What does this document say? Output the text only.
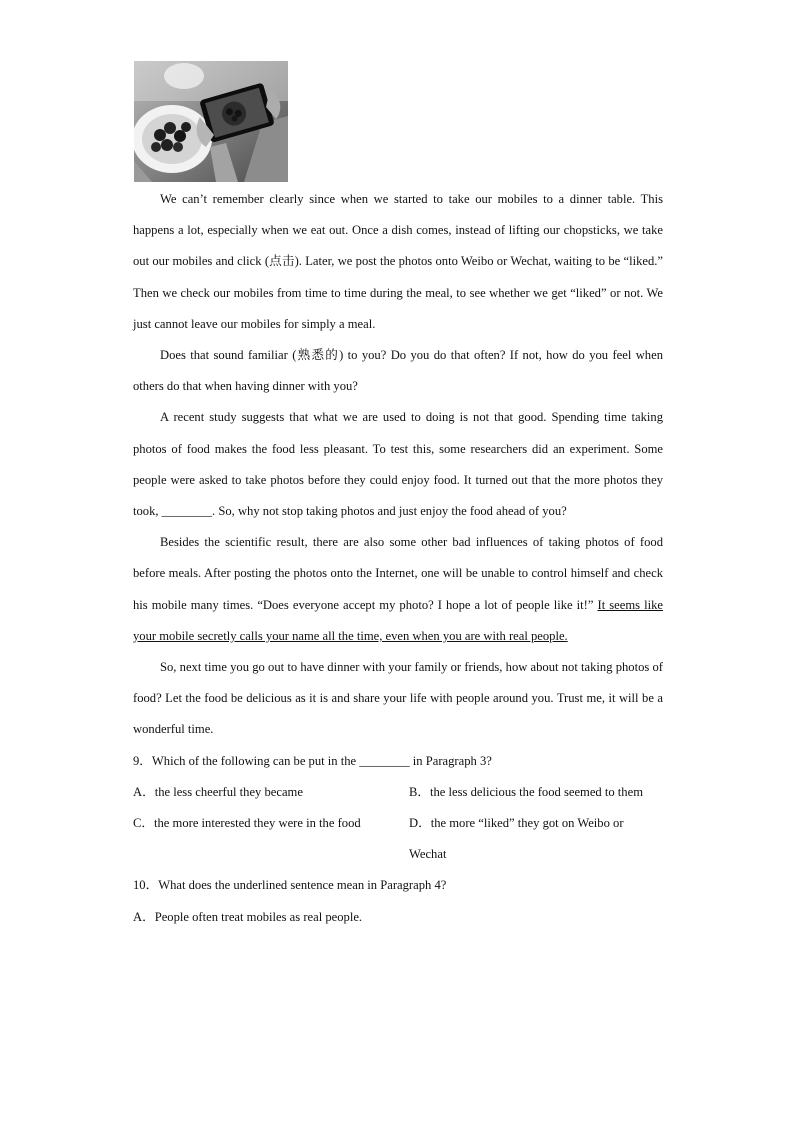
We can’t remember clearly since when we started to take our mobiles to a dinner table. This happens a lot, especially when we eat out. Once a dish comes, instead of lifting our chopsticks, we take out our mobiles and click (点击). Later, we post the photos onto Weibo or Wechat, waiting to be “liked.” Then we check our mobiles from time to time during the meal, to see whether we get “liked” or not. We just cannot leave our mobiles for simply a meal.

Does that sound familiar (熟悉的) to you? Do you do that often? If not, how do you feel when others do that when having dinner with you?

A recent study suggests that what we are used to doing is not that good. Spending time taking photos of food makes the food less pleasant. To test this, some researchers did an experiment. Some people were asked to take photos before they could enjoy food. It turned out that the more photos they took, ________. So, why not stop taking photos and just enjoy the food ahead of you?

Besides the scientific result, there are also some other bad influences of taking photos of food before meals. After posting the photos onto the Internet, one will be unable to control himself and check his mobile many times. “Does everyone accept my photo? I hope a lot of people like it!” It seems like your mobile secretly calls your name all the time, even when you are with real people.

So, next time you go out to have dinner with your family or friends, how about not taking photos of food? Let the food be delicious as it is and share your life with people around you. Trust me, it will be a wonderful time.

9．Which of the following can be put in the ________ in Paragraph 3?

A．the less cheerful they became	B．the less delicious the food seemed to them
C．the more interested they were in the food	D．the more “liked” they got on Weibo or Wechat

10．What does the underlined sentence mean in Paragraph 4?

A．People often treat mobiles as real people.
